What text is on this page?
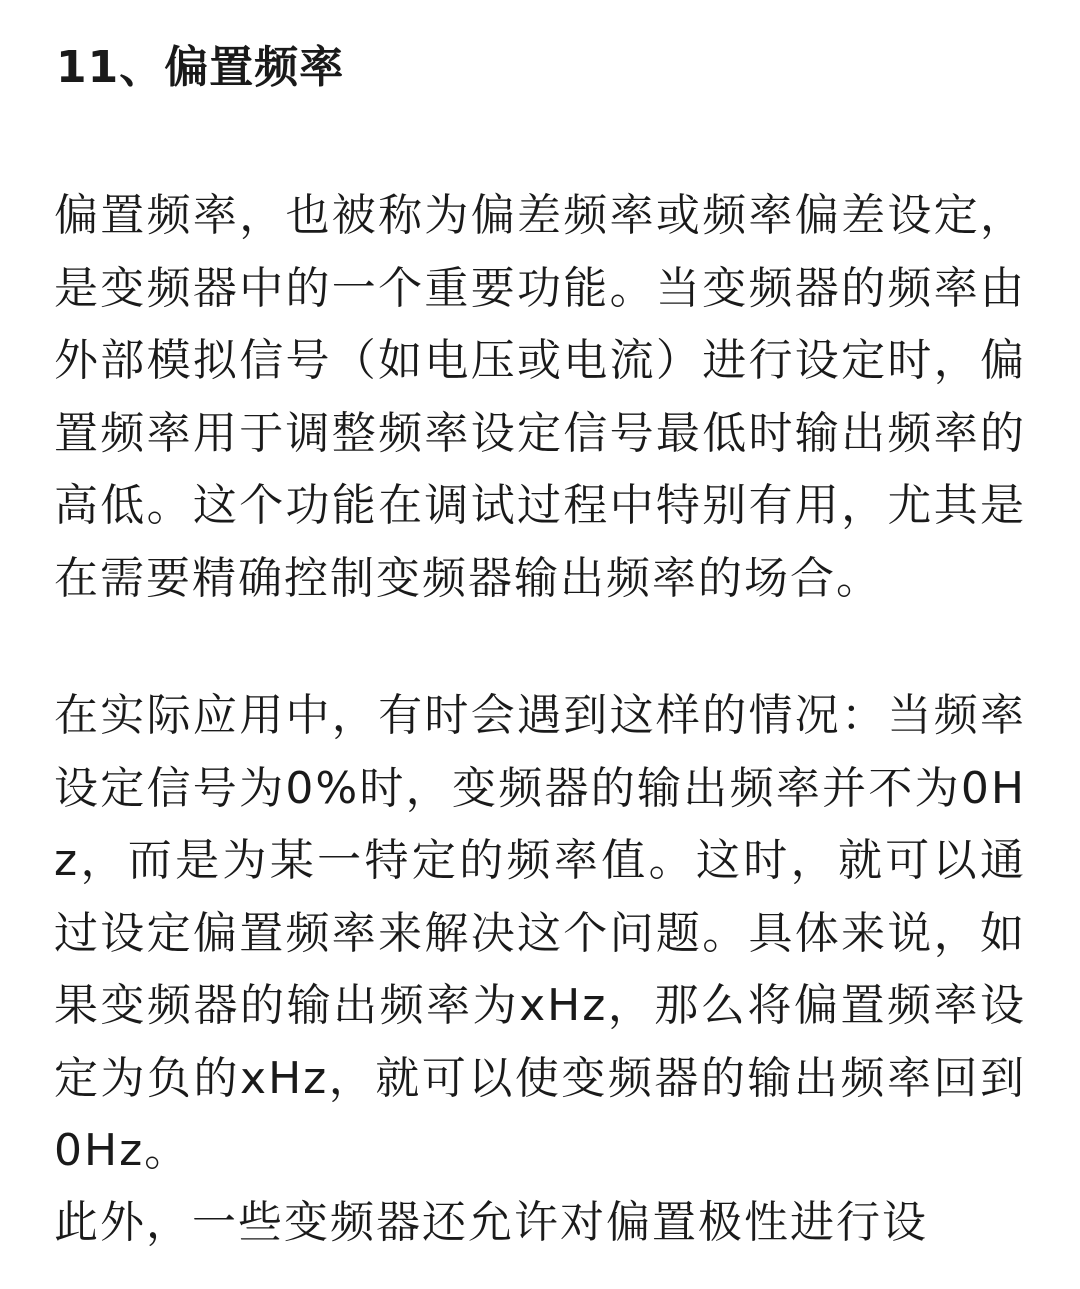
11、偏置频率

偏置频率，也被称为偏差频率或频率偏差设定，是变频器中的一个重要功能。当变频器的频率由外部模拟信号（如电压或电流）进行设定时，偏置频率用于调整频率设定信号最低时输出频率的高低。这个功能在调试过程中特别有用，尤其是在需要精确控制变频器输出频率的场合。

在实际应用中，有时会遇到这样的情况：当频率设定信号为0%时，变频器的输出频率并不为0Hz，而是为某一特定的频率值。这时，就可以通过设定偏置频率来解决这个问题。具体来说，如果变频器的输出频率为xHz，那么将偏置频率设定为负的xHz，就可以使变频器的输出频率回到0Hz。

此外，一些变频器还允许对偏置极性进行设
